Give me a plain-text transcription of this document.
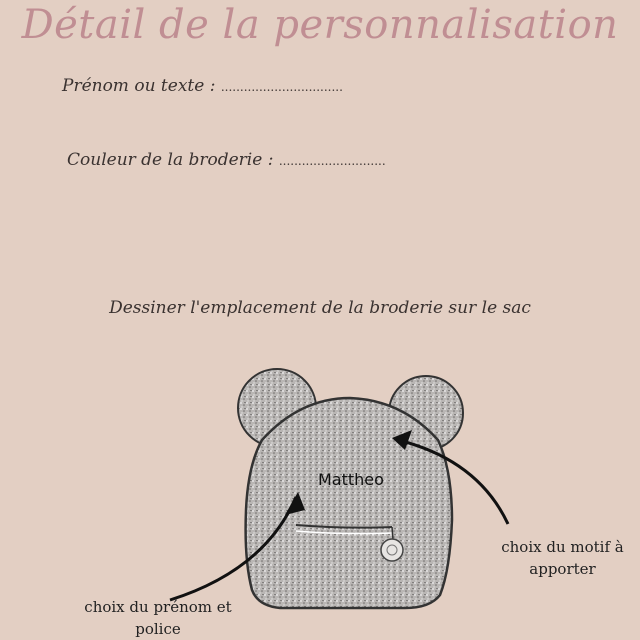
Détail de la personnalisation
Prénom ou texte : ................................
Couleur de la broderie : ............................
Dessiner l'emplacement de la broderie sur le sac
Mattheo
choix du motif à apporter
choix du prénom et police
